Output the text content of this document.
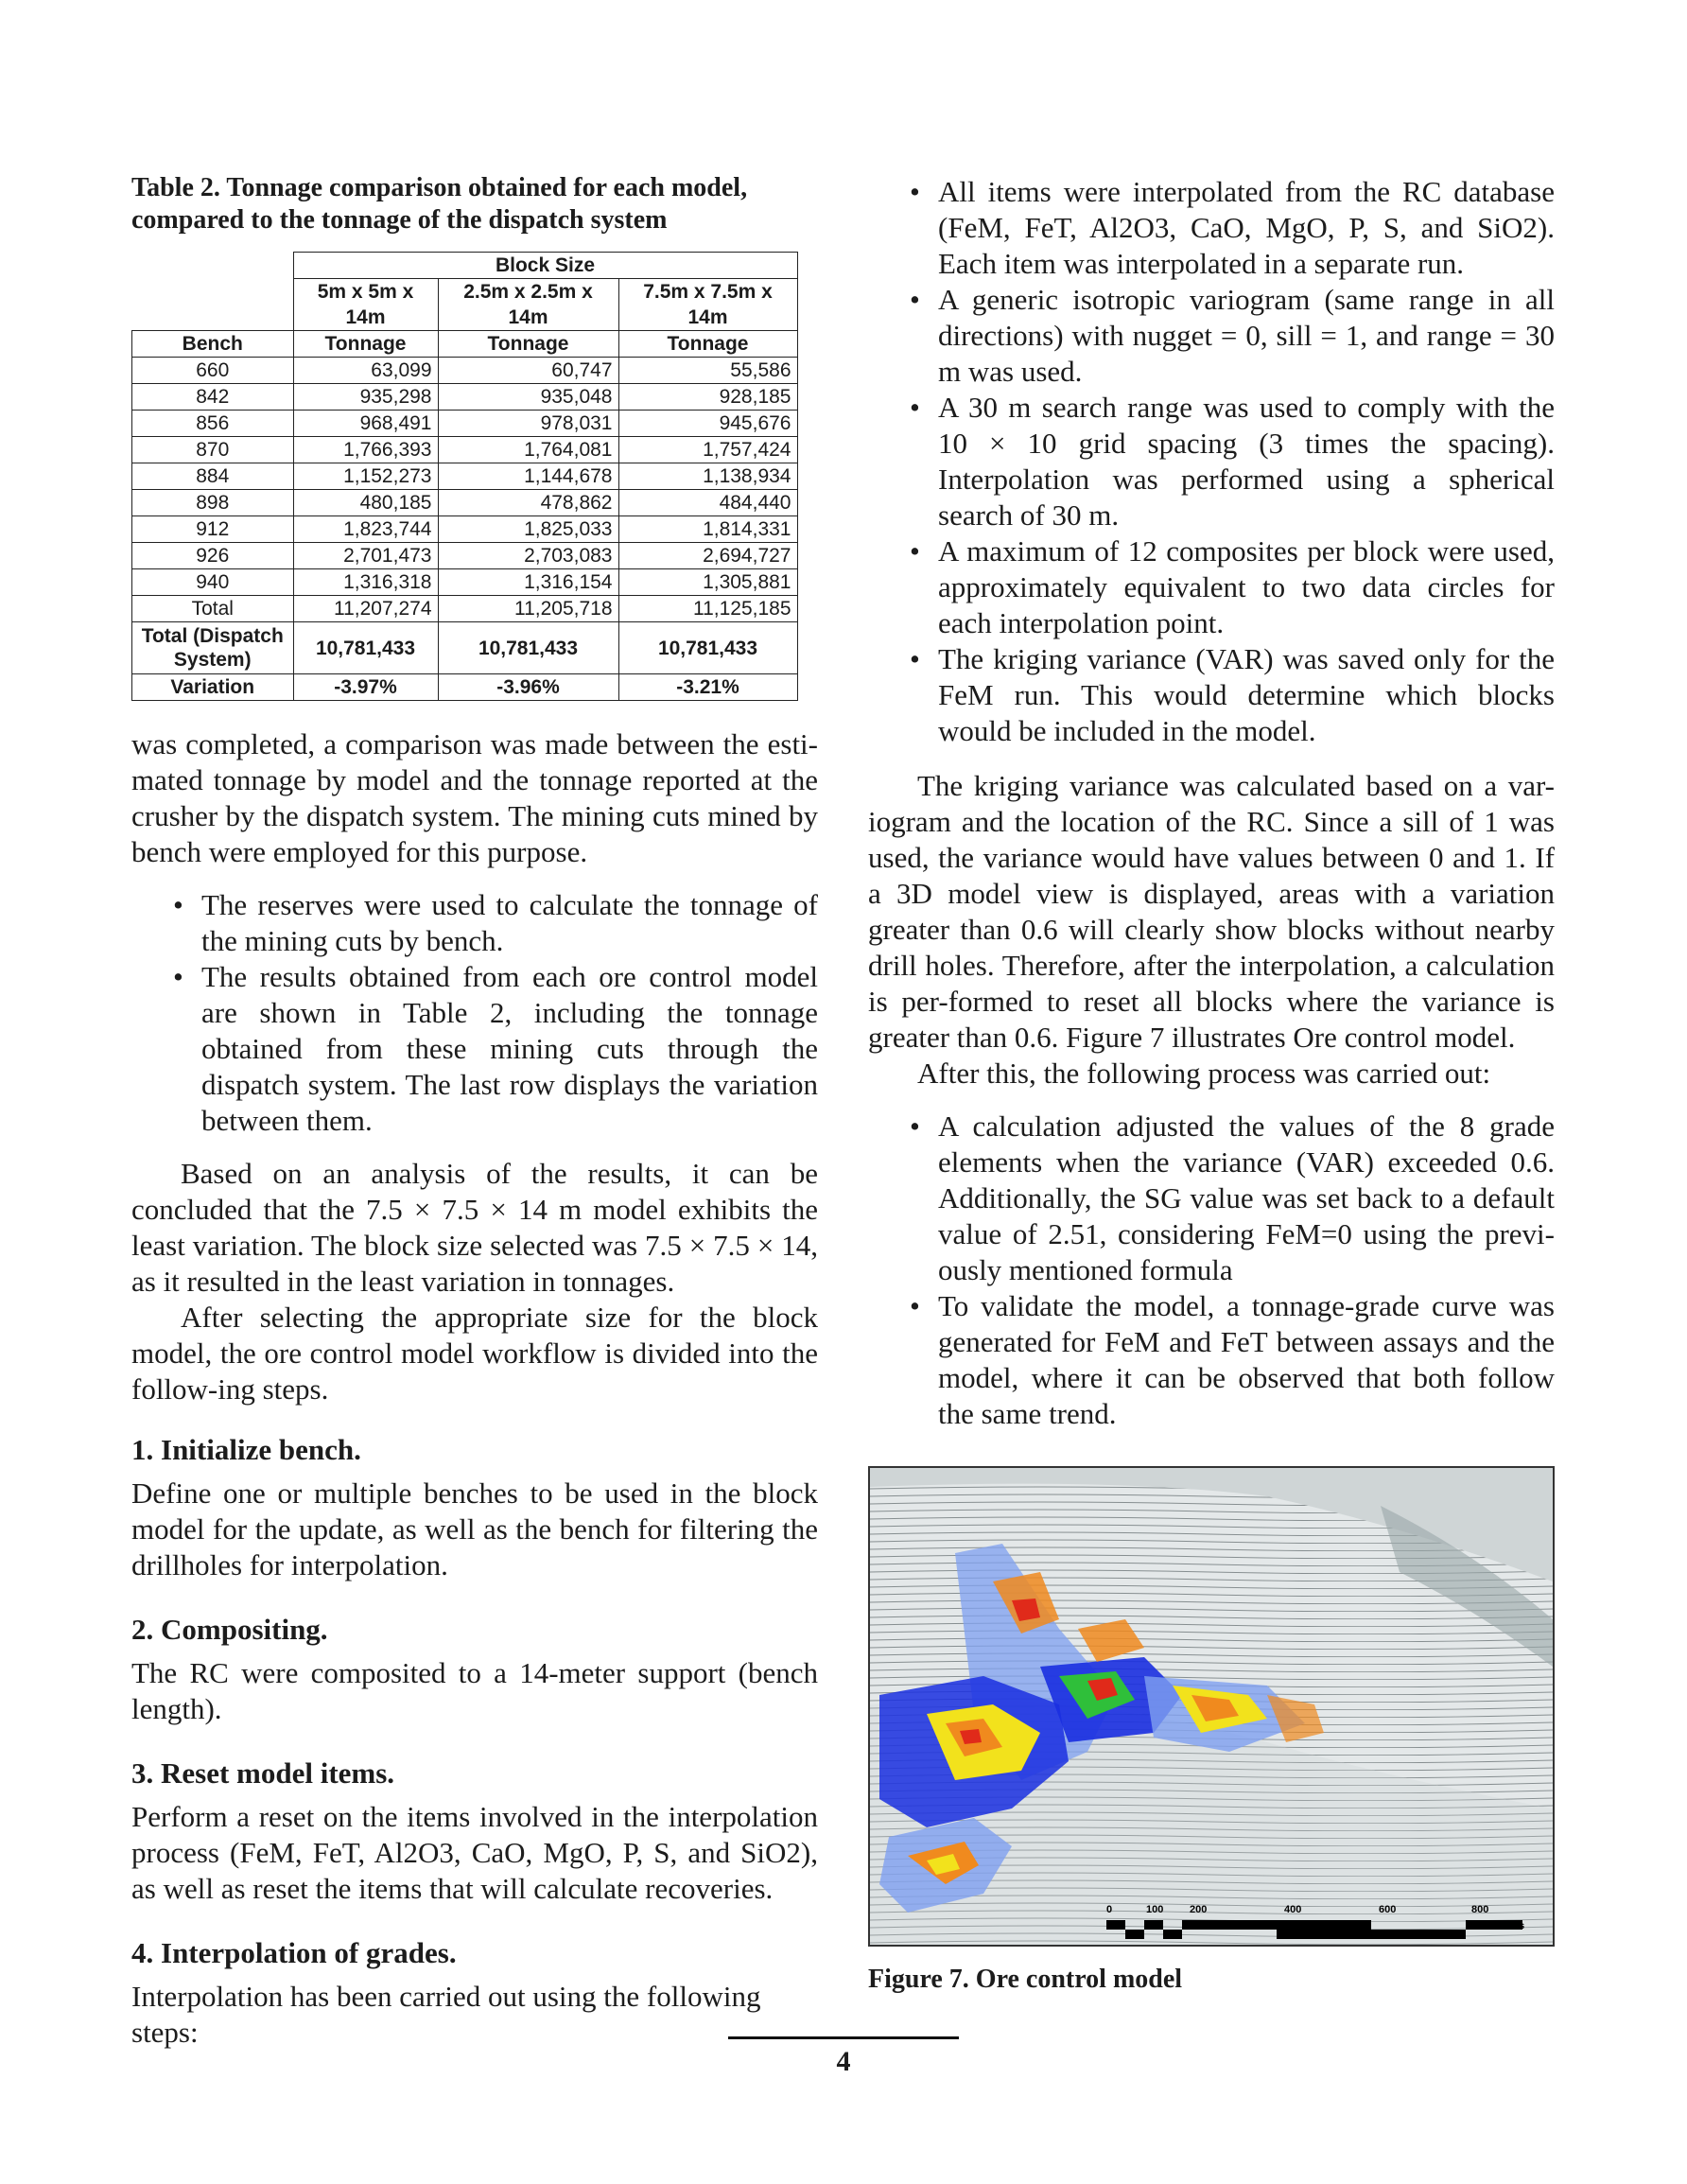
Table 2. Tonnage comparison obtained for each model,
compared to the tonnage of the dispatch system

	Block Size		
	5m x 5m x 14m	2.5m x 2.5m x 14m	7.5m x 7.5m x 14m
Bench	Tonnage	Tonnage	Tonnage
660	63,099	60,747	55,586
842	935,298	935,048	928,185
856	968,491	978,031	945,676
870	1,766,393	1,764,081	1,757,424
884	1,152,273	1,144,678	1,138,934
898	480,185	478,862	484,440
912	1,823,744	1,825,033	1,814,331
926	2,701,473	2,703,083	2,694,727
940	1,316,318	1,316,154	1,305,881
Total	11,207,274	11,205,718	11,125,185
Total (Dispatch
System)	10,781,433	10,781,433	10,781,433
Variation	-3.97%	-3.96%	-3.21%

was completed, a comparison was made between the esti-mated tonnage by model and the tonnage reported at the crusher by the dispatch system. The mining cuts mined by bench were employed for this purpose.

• The reserves were used to calculate the tonnage of the mining cuts by bench.
• The results obtained from each ore control model are shown in Table 2, including the tonnage obtained from these mining cuts through the dispatch system. The last row displays the variation between them.

Based on an analysis of the results, it can be concluded that the 7.5 × 7.5 × 14 m model exhibits the least variation. The block size selected was 7.5 × 7.5 × 14, as it resulted in the least variation in tonnages.

After selecting the appropriate size for the block model, the ore control model workflow is divided into the follow-ing steps.

1. Initialize bench.

Define one or multiple benches to be used in the block model for the update, as well as the bench for filtering the drillholes for interpolation.

2. Compositing.

The RC were composited to a 14-meter support (bench length).

3. Reset model items.

Perform a reset on the items involved in the interpolation process (FeM, FeT, Al2O3, CaO, MgO, P, S, and SiO2), as well as reset the items that will calculate recoveries.

4. Interpolation of grades.

Interpolation has been carried out using the following steps:

• All items were interpolated from the RC database (FeM, FeT, Al2O3, CaO, MgO, P, S, and SiO2). Each item was interpolated in a separate run.
• A generic isotropic variogram (same range in all directions) with nugget = 0, sill = 1, and range = 30 m was used.
• A 30 m search range was used to comply with the 10 × 10 grid spacing (3 times the spacing). Interpolation was performed using a spherical search of 30 m.
• A maximum of 12 composites per block were used, approximately equivalent to two data circles for each interpolation point.
• The kriging variance (VAR) was saved only for the FeM run. This would determine which blocks would be included in the model.

The kriging variance was calculated based on a var-iogram and the location of the RC. Since a sill of 1 was used, the variance would have values between 0 and 1. If a 3D model view is displayed, areas with a variation greater than 0.6 will clearly show blocks without nearby drill holes. Therefore, after the interpolation, a calculation is per-formed to reset all blocks where the variance is greater than 0.6. Figure 7 illustrates Ore control model.

After this, the following process was carried out:

• A calculation adjusted the values of the 8 grade elements when the variance (VAR) exceeded 0.6. Additionally, the SG value was set back to a default value of 2.51, considering FeM=0 using the previ-ously mentioned formula
• To validate the model, a tonnage-grade curve was generated for FeM and FeT between assays and the model, where it can be observed that both follow the same trend.
0	100	200	400	600	800
Meters
Figure 7. Ore control model
4
